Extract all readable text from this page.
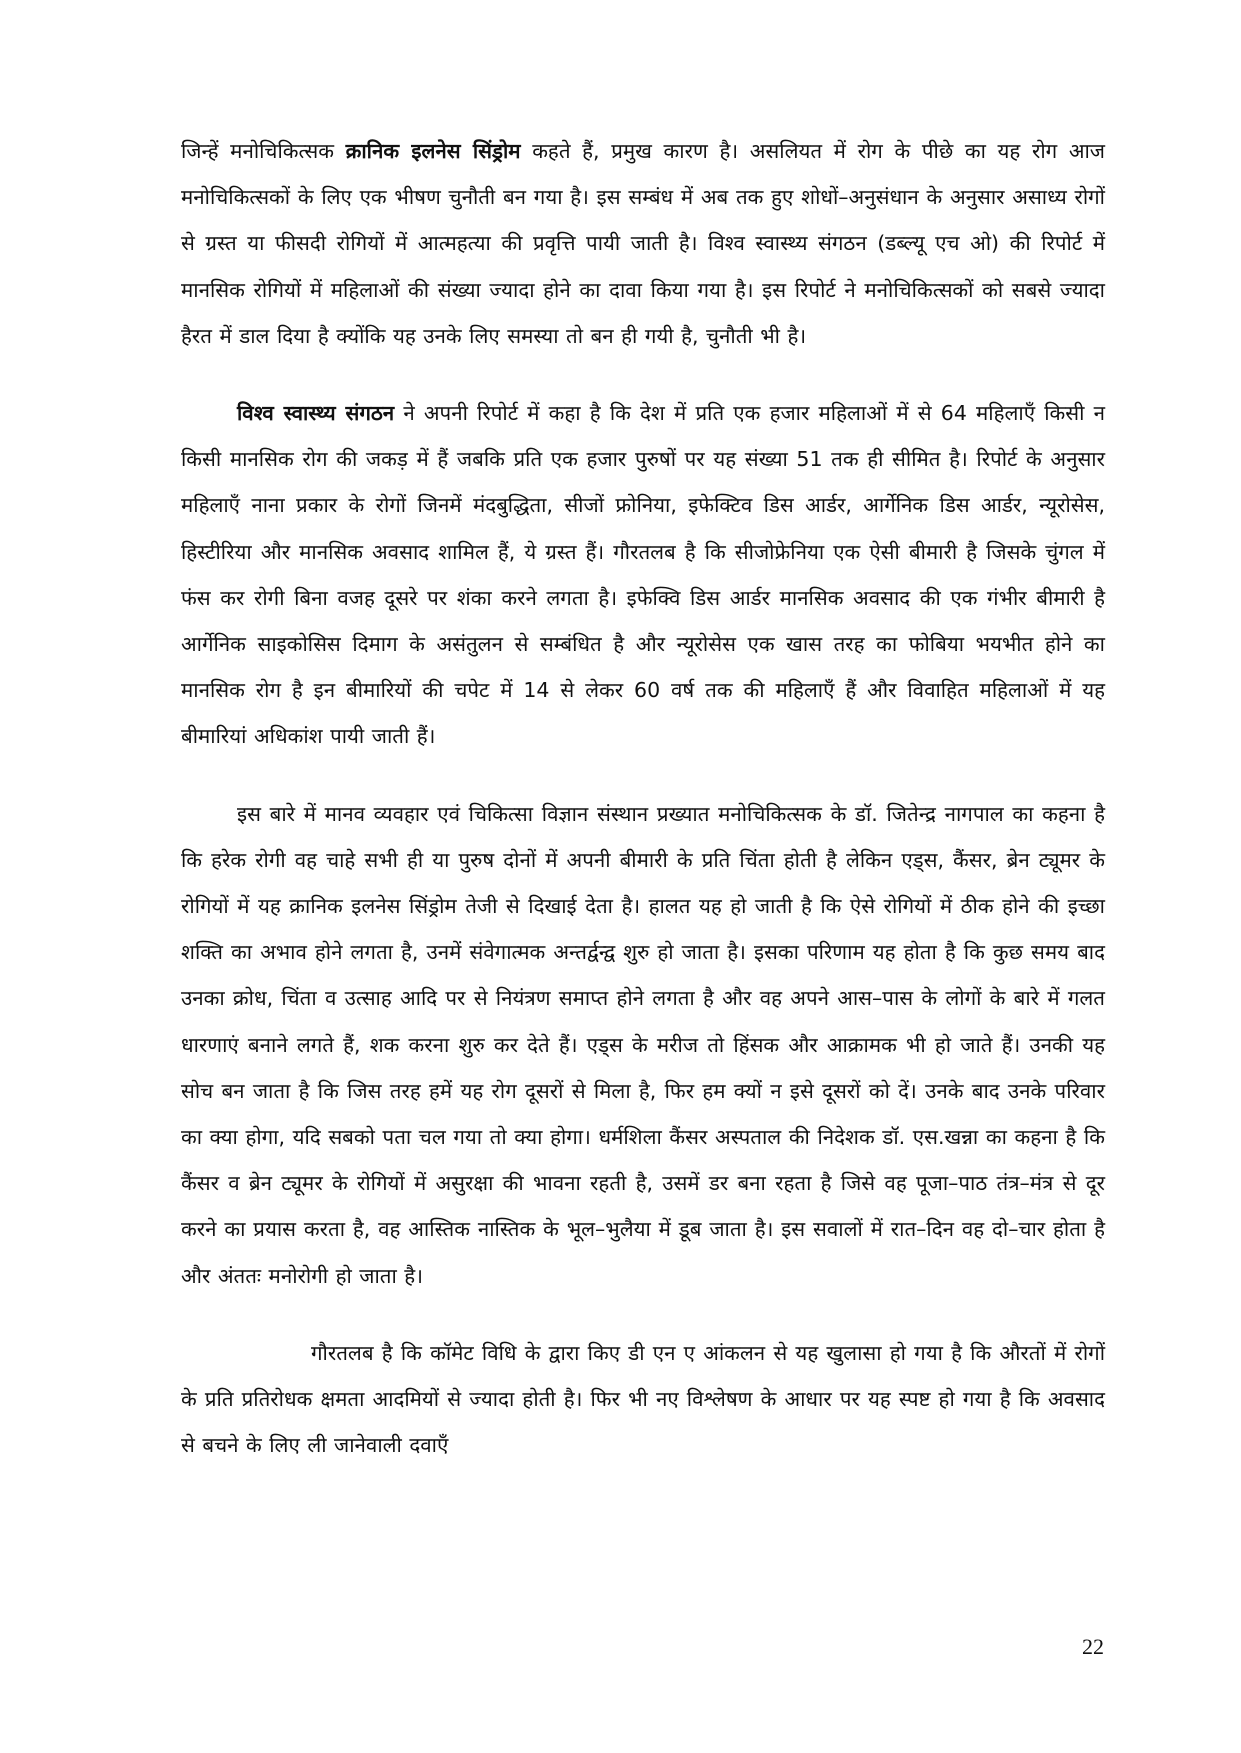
जिन्हें मनोचिकित्सक क्रानिक इलनेस सिंड्रोम कहते हैं, प्रमुख कारण है। असलियत में रोग के पीछे का यह रोग आज मनोचिकित्सकों के लिए एक भीषण चुनौती बन गया है। इस सम्बंध में अब तक हुए शोधों–अनुसंधान के अनुसार असाध्य रोगों से ग्रस्त या फीसदी रोगियों में आत्महत्या की प्रवृत्ति पायी जाती है। विश्व स्वास्थ्य संगठन (डब्ल्यू एच ओ) की रिपोर्ट में मानसिक रोगियों में महिलाओं की संख्या ज्यादा होने का दावा किया गया है। इस रिपोर्ट ने मनोचिकित्सकों को सबसे ज्यादा हैरत में डाल दिया है क्योंकि यह उनके लिए समस्या तो बन ही गयी है, चुनौती भी है।

विश्व स्वास्थ्य संगठन ने अपनी रिपोर्ट में कहा है कि देश में प्रति एक हजार महिलाओं में से 64 महिलाएँ किसी न किसी मानसिक रोग की जकड़ में हैं जबकि प्रति एक हजार पुरुषों पर यह संख्या 51 तक ही सीमित है। रिपोर्ट के अनुसार महिलाएँ नाना प्रकार के रोगों जिनमें मंदबुद्धिता, सीजों फ्रोनिया, इफेक्टिव डिस आर्डर, आर्गेनिक डिस आर्डर, न्यूरोसेस, हिस्टीरिया और मानसिक अवसाद शामिल हैं, ये ग्रस्त हैं। गौरतलब है कि सीजोफ्रेनिया एक ऐसी बीमारी है जिसके चुंगल में फंस कर रोगी बिना वजह दूसरे पर शंका करने लगता है। इफेक्वि डिस आर्डर मानसिक अवसाद की एक गंभीर बीमारी है आर्गेनिक साइकोसिस दिमाग के असंतुलन से सम्बंधित है और न्यूरोसेस एक खास तरह का फोबिया भयभीत होने का मानसिक रोग है इन बीमारियों की चपेट में 14 से लेकर 60 वर्ष तक की महिलाएँ हैं और विवाहित महिलाओं में यह बीमारियां अधिकांश पायी जाती हैं।

इस बारे में मानव व्यवहार एवं चिकित्सा विज्ञान संस्थान प्रख्यात मनोचिकित्सक के डॉ. जितेन्द्र नागपाल का कहना है कि हरेक रोगी वह चाहे सभी ही या पुरुष दोनों में अपनी बीमारी के प्रति चिंता होती है लेकिन एड्स, कैंसर, ब्रेन ट्यूमर के रोगियों में यह क्रानिक इलनेस सिंड्रोम तेजी से दिखाई देता है। हालत यह हो जाती है कि ऐसे रोगियों में ठीक होने की इच्छा शक्ति का अभाव होने लगता है, उनमें संवेगात्मक अन्तर्द्वन्द्व शुरु हो जाता है। इसका परिणाम यह होता है कि कुछ समय बाद उनका क्रोध, चिंता व उत्साह आदि पर से नियंत्रण समाप्त होने लगता है और वह अपने आस–पास के लोगों के बारे में गलत धारणाएं बनाने लगते हैं, शक करना शुरु कर देते हैं। एड्स के मरीज तो हिंसक और आक्रामक भी हो जाते हैं। उनकी यह सोच बन जाता है कि जिस तरह हमें यह रोग दूसरों से मिला है, फिर हम क्यों न इसे दूसरों को दें। उनके बाद उनके परिवार का क्या होगा, यदि सबको पता चल गया तो क्या होगा। धर्मशिला कैंसर अस्पताल की निदेशक डॉ. एस.खन्ना का कहना है कि कैंसर व ब्रेन ट्यूमर के रोगियों में असुरक्षा की भावना रहती है, उसमें डर बना रहता है जिसे वह पूजा–पाठ तंत्र–मंत्र से दूर करने का प्रयास करता है, वह आस्तिक नास्तिक के भूल–भुलैया में डूब जाता है। इस सवालों में रात–दिन वह दो–चार होता है और अंततः मनोरोगी हो जाता है।

गौरतलब है कि कॉमेट विधि के द्वारा किए डी एन ए आंकलन से यह खुलासा हो गया है कि औरतों में रोगों के प्रति प्रतिरोधक क्षमता आदमियों से ज्यादा होती है। फिर भी नए विश्लेषण के आधार पर यह स्पष्ट हो गया है कि अवसाद से बचने के लिए ली जानेवाली दवाएँ

22
